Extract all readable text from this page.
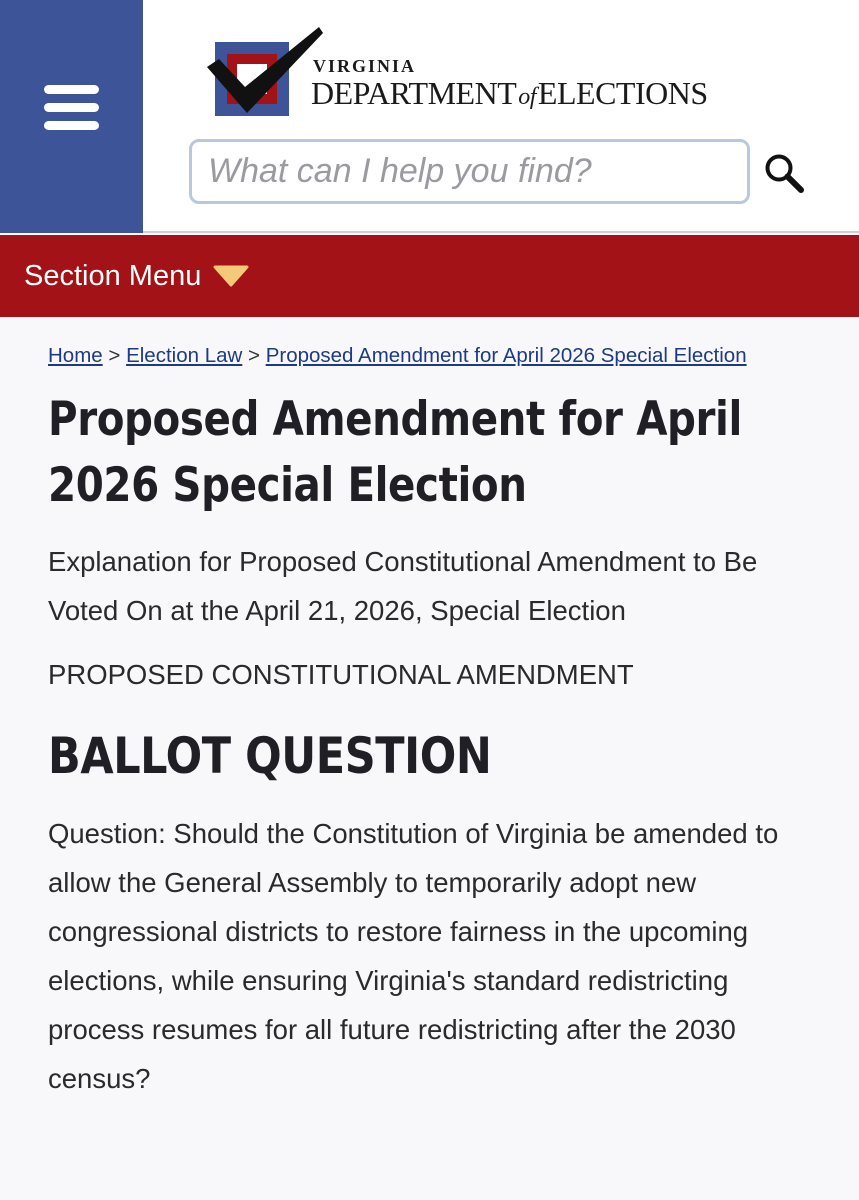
VIRGINIA
DEPARTMENTofELECTIONS
What can I help you find?
Section Menu
Home > Election Law > Proposed Amendment for April 2026 Special Election
Proposed Amendment for April 2026 Special Election

Explanation for Proposed Constitutional Amendment to Be Voted On at the April 21, 2026, Special Election

PROPOSED CONSTITUTIONAL AMENDMENT

BALLOT QUESTION

Question: Should the Constitution of Virginia be amended to allow the General Assembly to temporarily adopt new congressional districts to restore fairness in the upcoming elections, while ensuring Virginia's standard redistricting process resumes for all future redistricting after the 2030 census?
